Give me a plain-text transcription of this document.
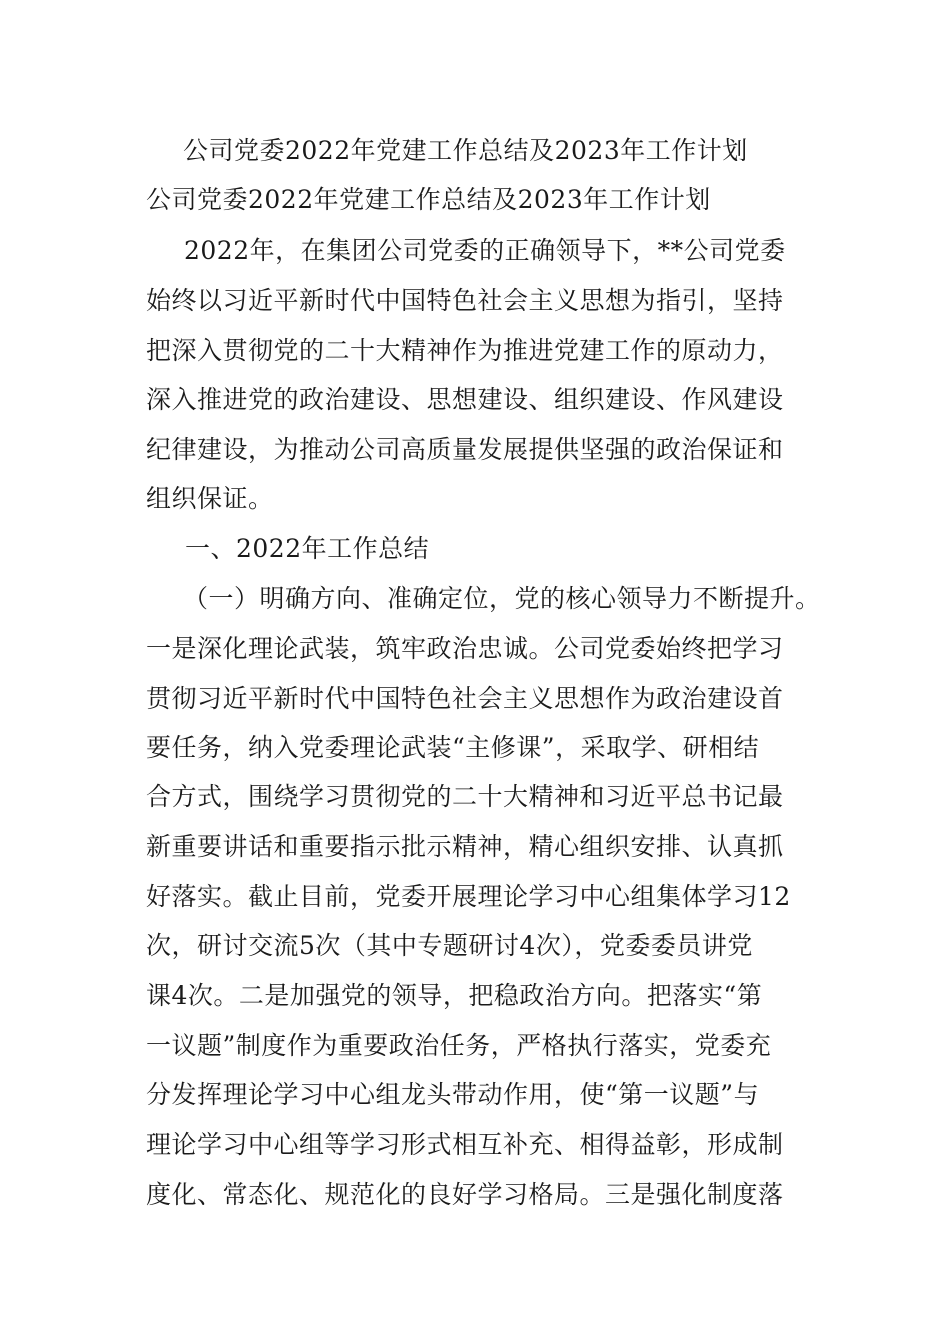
公司党委2022年党建工作总结及2023年工作计划
公司党委2022年党建工作总结及2023年工作计划
2022年，在集团公司党委的正确领导下，**公司党委
始终以习近平新时代中国特色社会主义思想为指引，坚持
把深入贯彻党的二十大精神作为推进党建工作的原动力，
深入推进党的政治建设、思想建设、组织建设、作风建设
纪律建设，为推动公司高质量发展提供坚强的政治保证和
组织保证。
一、2022年工作总结
（一）明确方向、准确定位，党的核心领导力不断提升。
一是深化理论武装，筑牢政治忠诚。公司党委始终把学习
贯彻习近平新时代中国特色社会主义思想作为政治建设首
要任务，纳入党委理论武装“主修课”，采取学、研相结
合方式，围绕学习贯彻党的二十大精神和习近平总书记最
新重要讲话和重要指示批示精神，精心组织安排、认真抓
好落实。截止目前，党委开展理论学习中心组集体学习12
次，研讨交流5次（其中专题研讨4次），党委委员讲党
课4次。二是加强党的领导，把稳政治方向。把落实“第
一议题”制度作为重要政治任务，严格执行落实，党委充
分发挥理论学习中心组龙头带动作用，使“第一议题”与
理论学习中心组等学习形式相互补充、相得益彰，形成制
度化、常态化、规范化的良好学习格局。三是强化制度落
